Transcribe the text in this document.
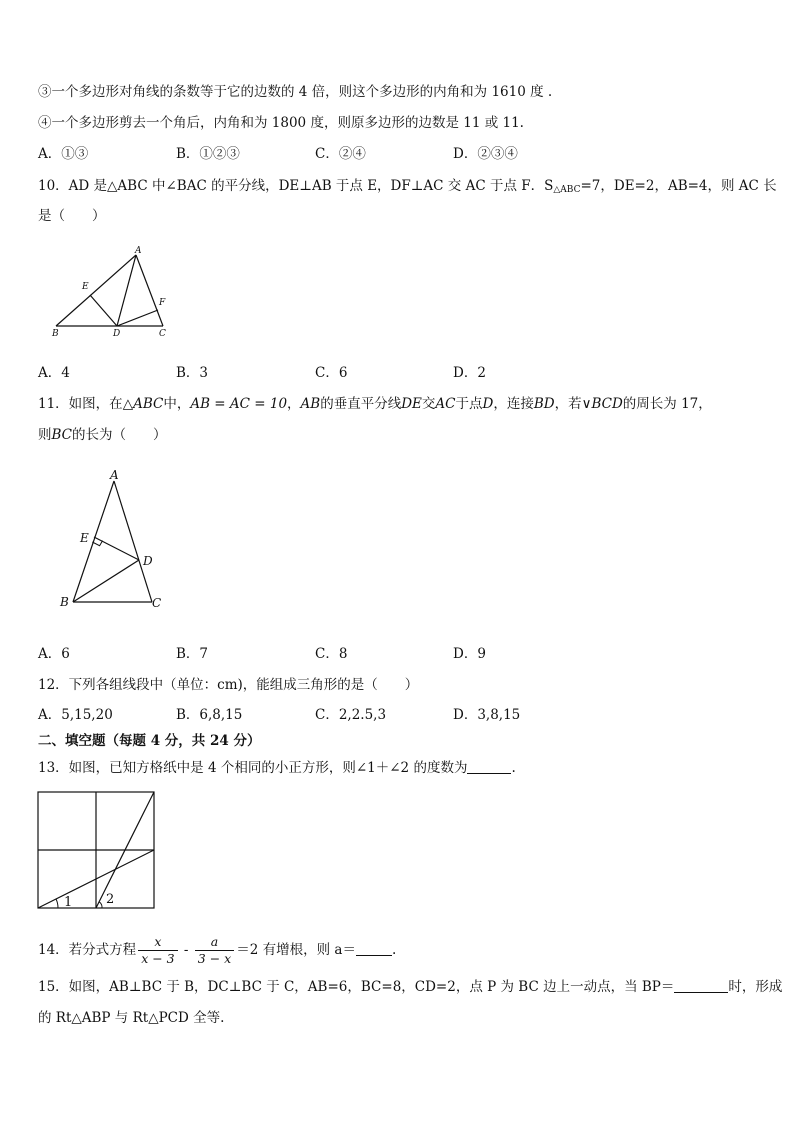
③一个多边形对角线的条数等于它的边数的 4 倍，则这个多边形的内角和为 1610 度 .
④一个多边形剪去一个角后，内角和为 1800 度，则原多边形的边数是 11 或 11.
A．①③	B．①②③	C．②④	D．②③④
10．AD 是△ABC 中∠BAC 的平分线，DE⊥AB 于点 E，DF⊥AC 交 AC 于点 F．$S_{\triangle ABC}=7$，DE=2，AB=4，则 AC 长
是（　　）
A
E
F
B	D	C
A．4	B．3	C．6	D．2
11．如图，在△ABC中，AB = AC = 10，AB的垂直平分线DE交AC于点D，连接BD，若∨BCD的周长为 17，
则BC的长为（　　）
A
E
D
B	C
A．6	B．7	C．8	D．9
12．下列各组线段中（单位：cm)，能组成三角形的是（　　）
A．5,15,20	B．6,8,15	C．2,2.5,3	D．3,8,15
二、填空题（每题 4 分，共 24 分）
13．如图，已知方格纸中是 4 个相同的小正方形，则∠1＋∠2 的度数为	.
1	2
14．若分式方程 $\frac{x}{x - 3} - \frac{a}{3 - x} =2$ 有增根，则 a＝	.
15．如图，AB⊥BC 于 B，DC⊥BC 于 C，AB=6，BC=8，CD=2，点 P 为 BC 边上一动点，当 BP＝	时，形成
的 Rt△ABP 与 Rt△PCD 全等.
